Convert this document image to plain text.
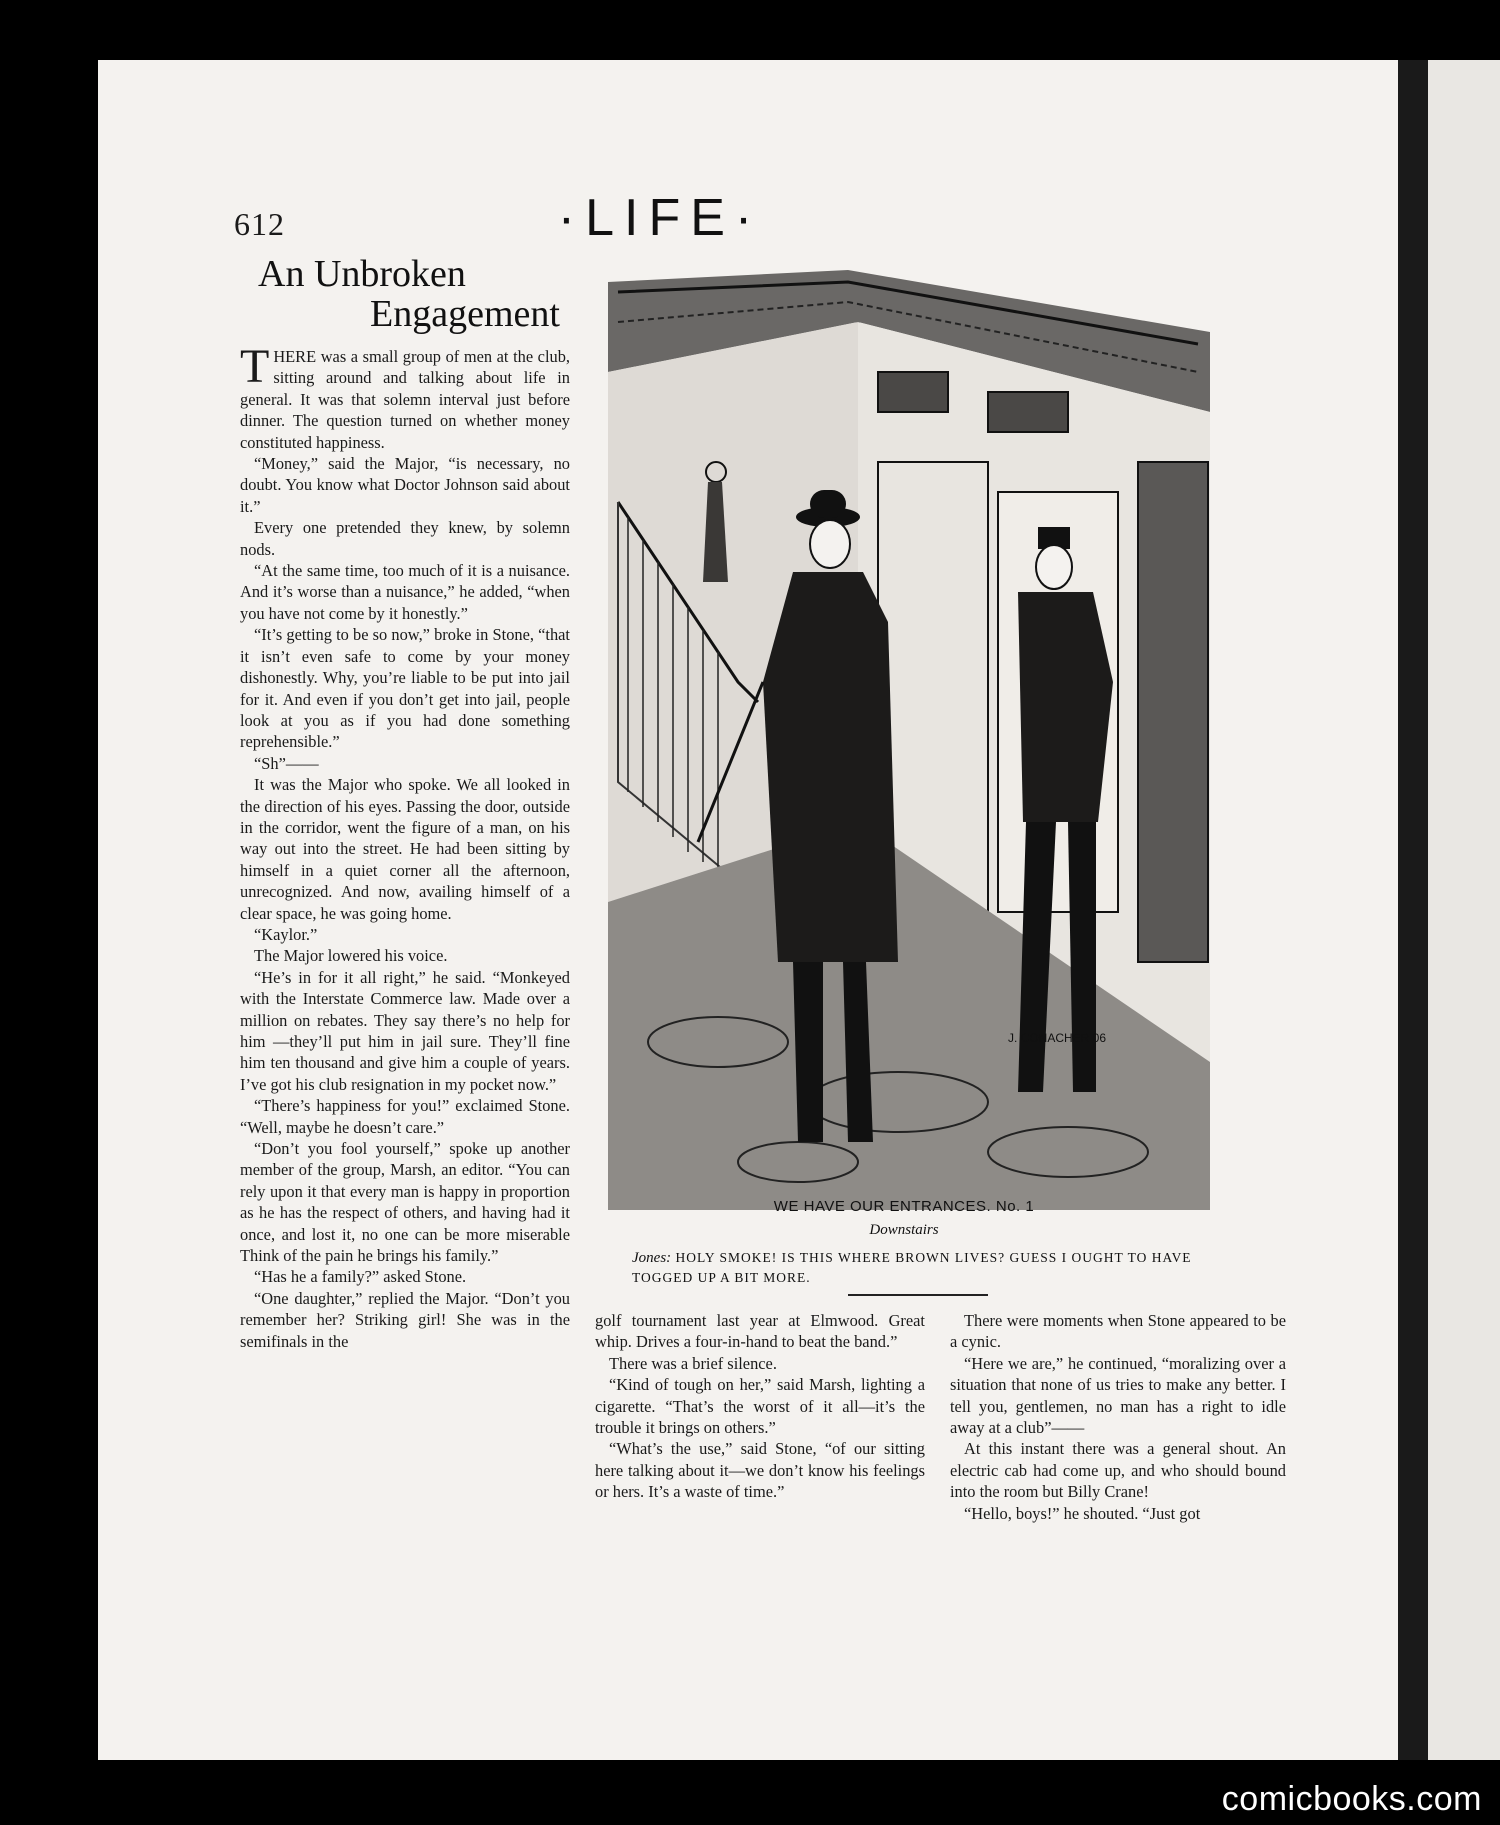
612	·LIFE·
An Unbroken
Engagement

THERE was a small group of men at the club, sitting around and talking about life in general. It was that solemn interval just before dinner. The question turned on whether money constituted happiness.

“Money,” said the Major, “is necessary, no doubt. You know what Doctor Johnson said about it.”

Every one pretended they knew, by solemn nods.

“At the same time, too much of it is a nuisance. And it’s worse than a nuisance,” he added, “when you have not come by it honestly.”

“It’s getting to be so now,” broke in Stone, “that it isn’t even safe to come by your money dishonestly. Why, you’re liable to be put into jail for it. And even if you don’t get into jail, people look at you as if you had done something reprehensible.”

“Sh”——

It was the Major who spoke. We all looked in the direction of his eyes. Passing the door, outside in the corridor, went the figure of a man, on his way out into the street. He had been sitting by himself in a quiet corner all the afternoon, unrecognized. And now, availing himself of a clear space, he was going home.

“Kaylor.”

The Major lowered his voice.

“He’s in for it all right,” he said. “Monkeyed with the Interstate Commerce law. Made over a million on rebates. They say there’s no help for him —they’ll put him in jail sure. They’ll fine him ten thousand and give him a couple of years. I’ve got his club resignation in my pocket now.”

“There’s happiness for you!” exclaimed Stone. “Well, maybe he doesn’t care.”

“Don’t you fool yourself,” spoke up another member of the group, Marsh, an editor. “You can rely upon it that every man is happy in proportion as he has the respect of others, and having had it once, and lost it, no one can be more miserable Think of the pain he brings his family.”

“Has he a family?” asked Stone.

“One daughter,” replied the Major. “Don’t you remember her? Striking girl! She was in the semifinals in the

J. CONACHER 06
WE HAVE OUR ENTRANCES. No. 1
Downstairs
Jones: HOLY SMOKE! IS THIS WHERE BROWN LIVES? GUESS I OUGHT TO HAVE TOGGED UP A BIT MORE.

golf tournament last year at Elmwood. Great whip. Drives a four-in-hand to beat the band.”

There was a brief silence.

“Kind of tough on her,” said Marsh, lighting a cigarette. “That’s the worst of it all—it’s the trouble it brings on others.”

“What’s the use,” said Stone, “of our sitting here talking about it—we don’t know his feelings or hers. It’s a waste of time.”

There were moments when Stone appeared to be a cynic.

“Here we are,” he continued, “moralizing over a situation that none of us tries to make any better. I tell you, gentlemen, no man has a right to idle away at a club”——

At this instant there was a general shout. An electric cab had come up, and who should bound into the room but Billy Crane!

“Hello, boys!” he shouted. “Just got

comicbooks.com
